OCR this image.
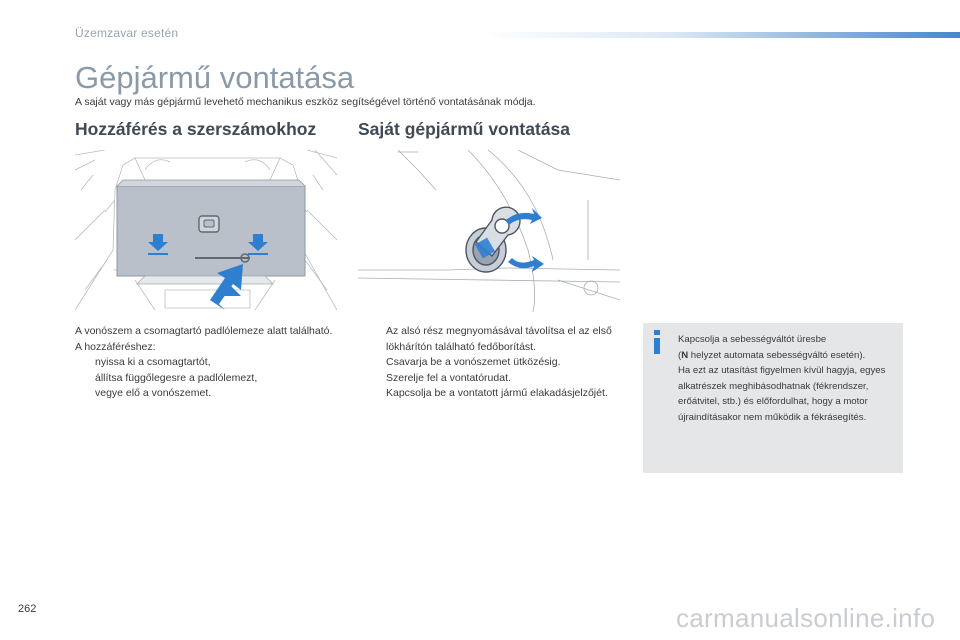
Üzemzavar esetén
Gépjármű vontatása
A saját vagy más gépjármű levehető mechanikus eszköz segítségével történő vontatásának módja.
Hozzáférés a szerszámokhoz Saját gépjármű vontatása
A vonószem a csomagtartó padlólemeze alatt található.
A hozzáféréshez:
nyissa ki a csomagtartót,
állítsa függőlegesre a padlólemezt,
vegye elő a vonószemet.
Az alsó rész megnyomásával távolítsa el az első lökhárítón található fedőborítást.
Csavarja be a vonószemet ütközésig.
Szerelje fel a vontatórudat.
Kapcsolja be a vontatott jármű elakadásjelzőjét.
Kapcsolja a sebességváltót üresbe
(N helyzet automata sebességváltó esetén).
Ha ezt az utasítást figyelmen kívül hagyja, egyes alkatrészek meghibásodhatnak (fékrendszer, erőátvitel, stb.) és előfordulhat, hogy a motor újraindításakor nem működik a fékrásegítés.
262	carmanualsonline.info
